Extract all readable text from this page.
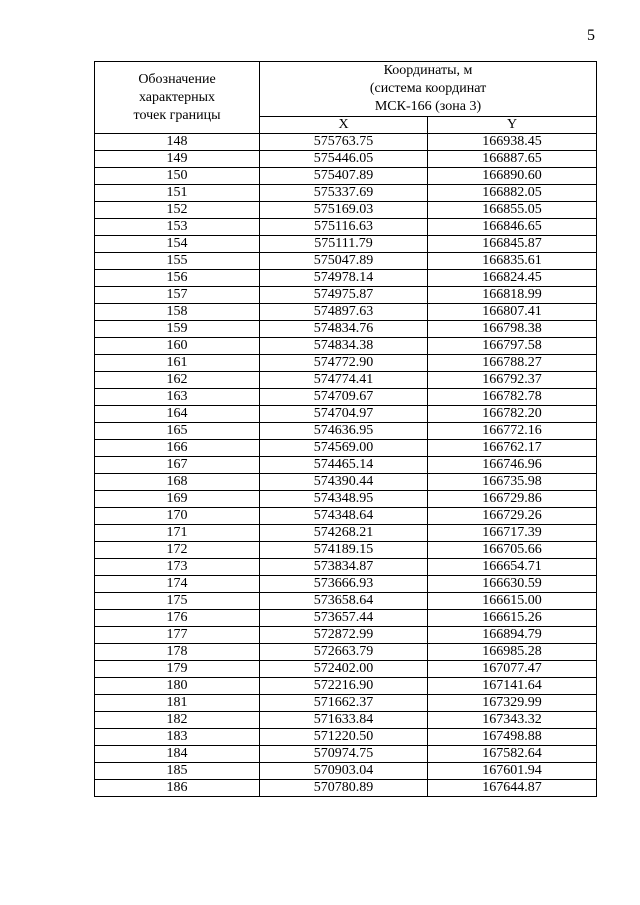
5
Обозначение
характерных
точек границы	Координаты, м
(система координат
МСК-166 (зона 3)	

	X	Y
148	575763.75	166938.45
149	575446.05	166887.65
150	575407.89	166890.60
151	575337.69	166882.05
152	575169.03	166855.05
153	575116.63	166846.65
154	575111.79	166845.87
155	575047.89	166835.61
156	574978.14	166824.45
157	574975.87	166818.99
158	574897.63	166807.41
159	574834.76	166798.38
160	574834.38	166797.58
161	574772.90	166788.27
162	574774.41	166792.37
163	574709.67	166782.78
164	574704.97	166782.20
165	574636.95	166772.16
166	574569.00	166762.17
167	574465.14	166746.96
168	574390.44	166735.98
169	574348.95	166729.86
170	574348.64	166729.26
171	574268.21	166717.39
172	574189.15	166705.66
173	573834.87	166654.71
174	573666.93	166630.59
175	573658.64	166615.00
176	573657.44	166615.26
177	572872.99	166894.79
178	572663.79	166985.28
179	572402.00	167077.47
180	572216.90	167141.64
181	571662.37	167329.99
182	571633.84	167343.32
183	571220.50	167498.88
184	570974.75	167582.64
185	570903.04	167601.94
186	570780.89	167644.87
